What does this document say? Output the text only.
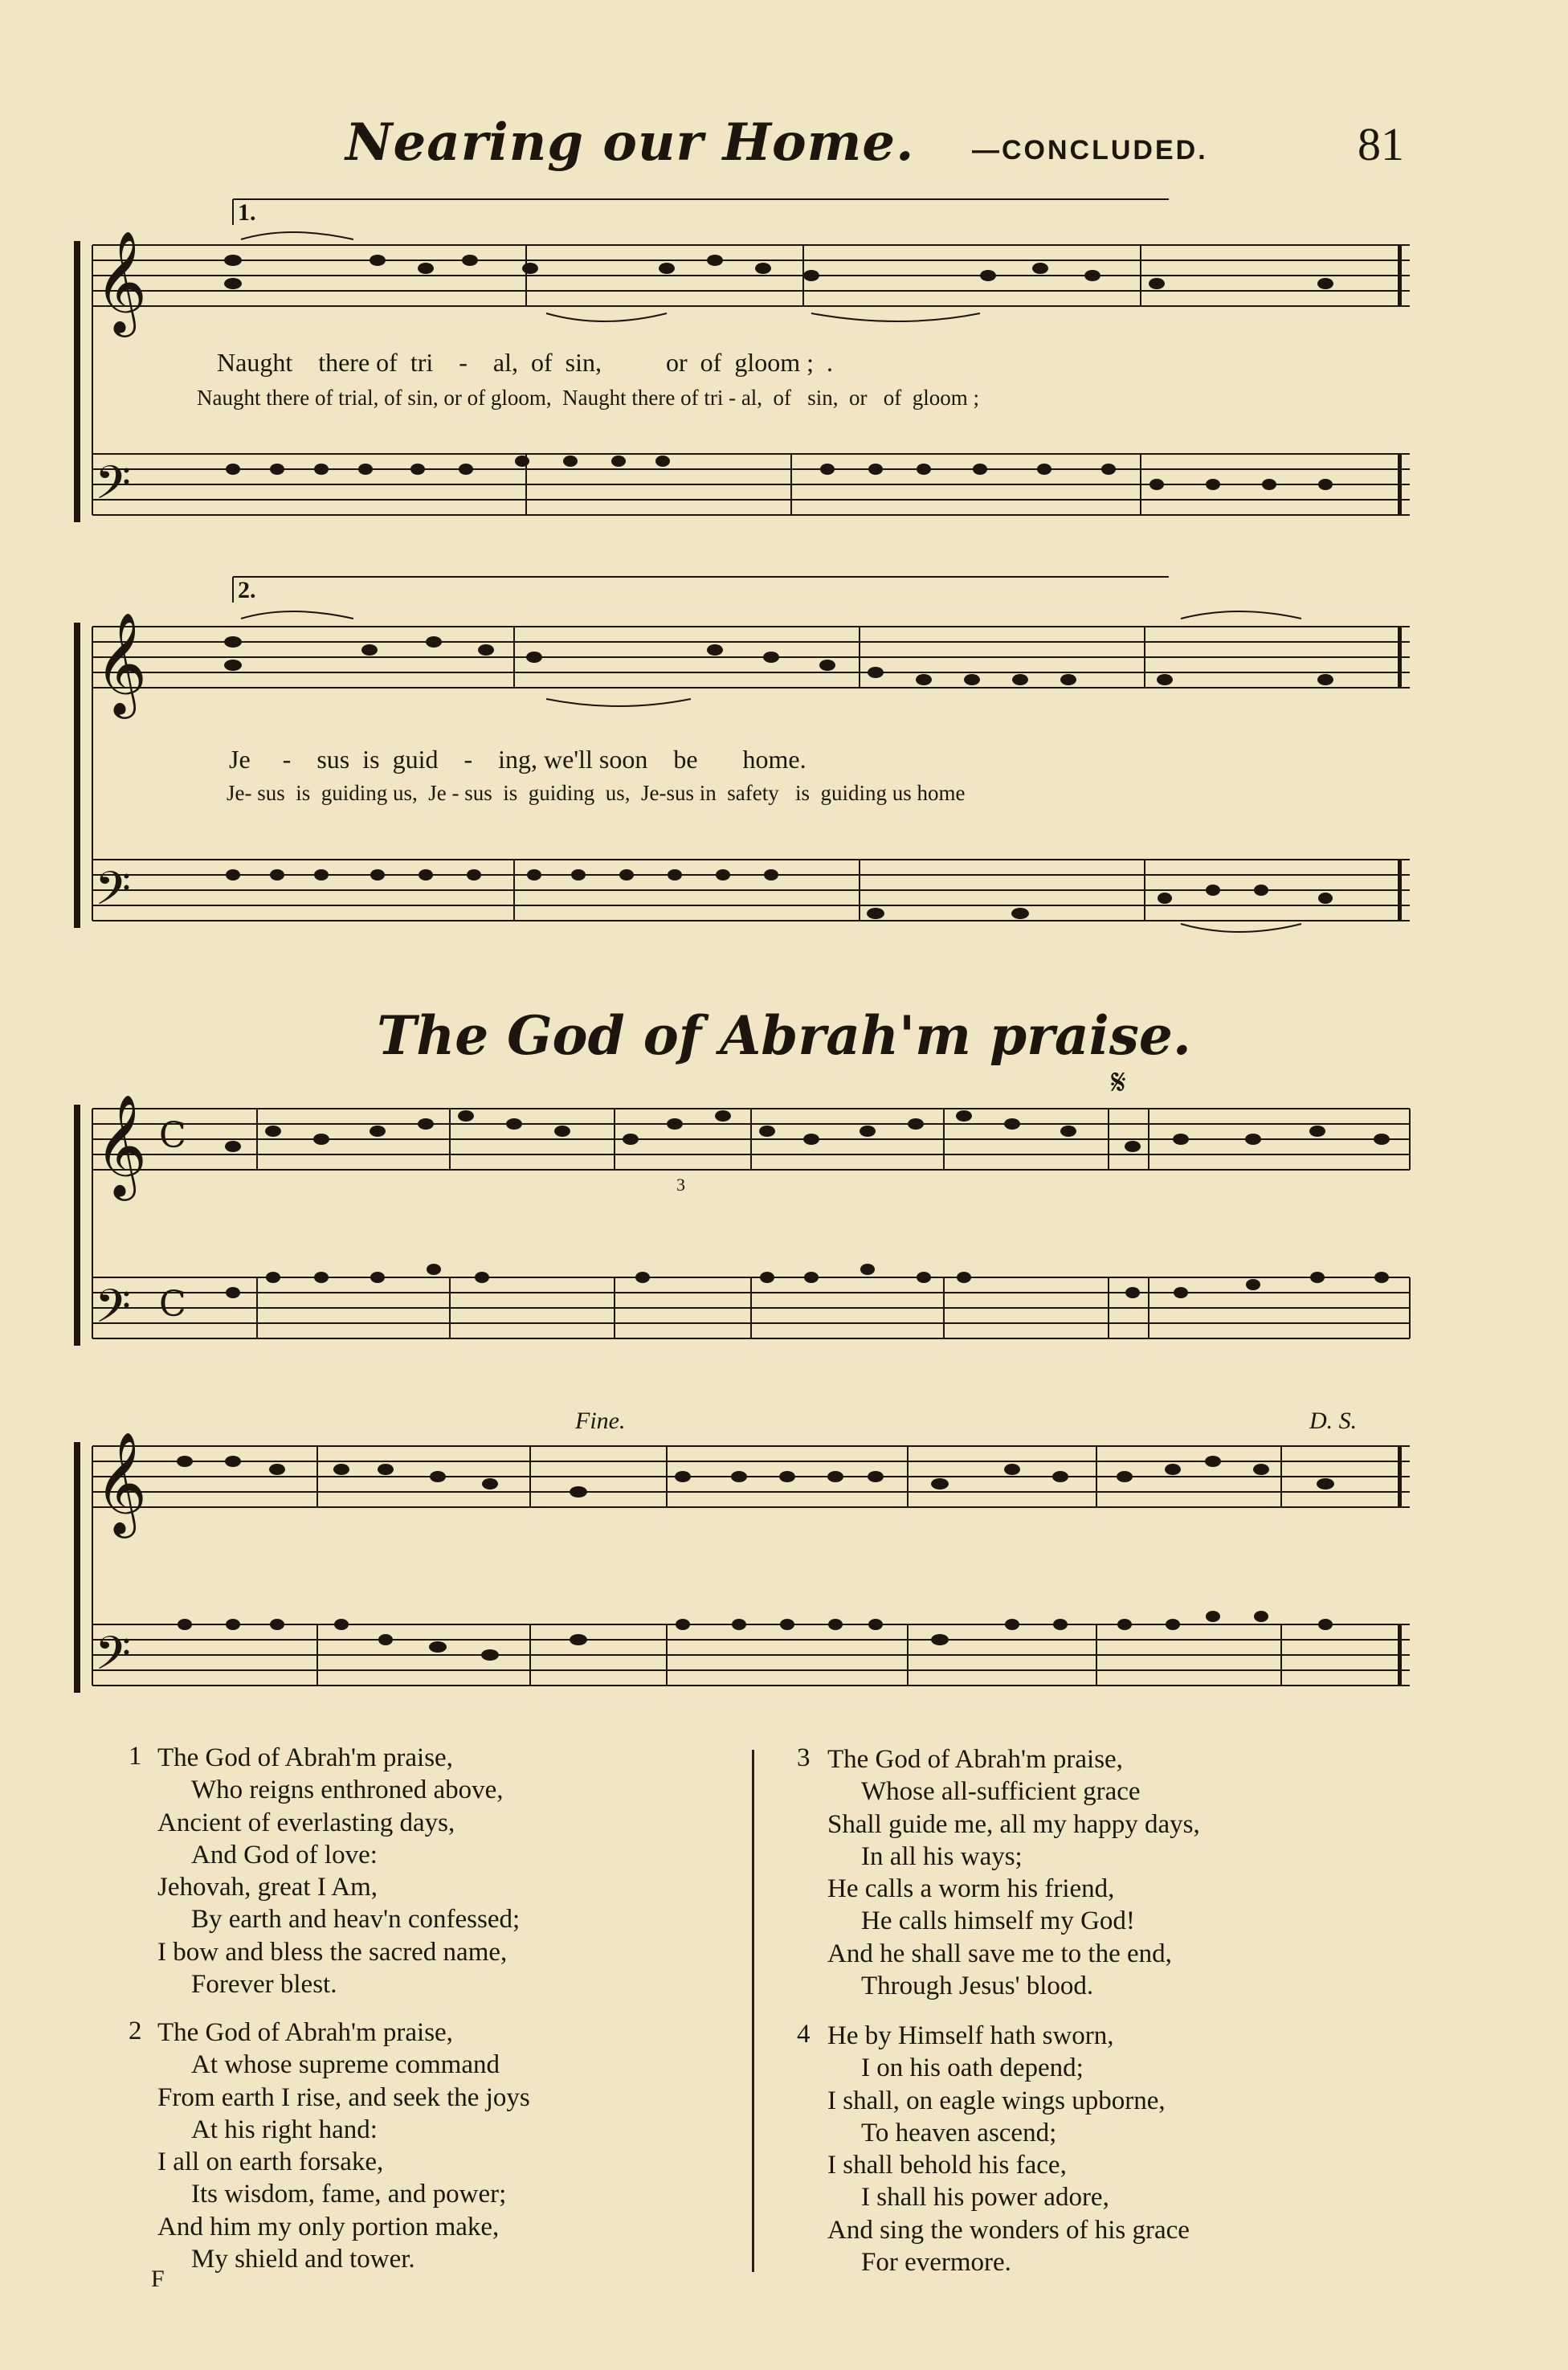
Nearing our Home. —CONCLUDED.	81
𝄞
𝄢
Naught    there of  tri    -    al,  of  sin,          or  of  gloom ;  .
Naught there of trial, of sin, or of gloom,  Naught there of tri - al,  of   sin,  or   of  gloom ;
1.
𝄞
𝄢
Je     -    sus  is  guid    -    ing, we'll soon    be       home.
Je- sus  is  guiding us,  Je - sus  is  guiding  us,  Je-sus in  safety   is  guiding us home
2.
The God of Abrah'm praise.
𝄞
𝄢
C
C
𝄋
3
𝄞
𝄢
Fine.	D. S.
1 The God of Abrah'm praise,
Who reigns enthroned above,
Ancient of everlasting days,
And God of love:
Jehovah, great I Am,
By earth and heav'n confessed;
I bow and bless the sacred name,
Forever blest.
2 The God of Abrah'm praise,
At whose supreme command
From earth I rise, and seek the joys
At his right hand:
I all on earth forsake,
Its wisdom, fame, and power;
And him my only portion make,
My shield and tower.
3 The God of Abrah'm praise,
Whose all-sufficient grace
Shall guide me, all my happy days,
In all his ways;
He calls a worm his friend,
He calls himself my God!
And he shall save me to the end,
Through Jesus' blood.
4 He by Himself hath sworn,
I on his oath depend;
I shall, on eagle wings upborne,
To heaven ascend;
I shall behold his face,
I shall his power adore,
And sing the wonders of his grace
For evermore.
F
